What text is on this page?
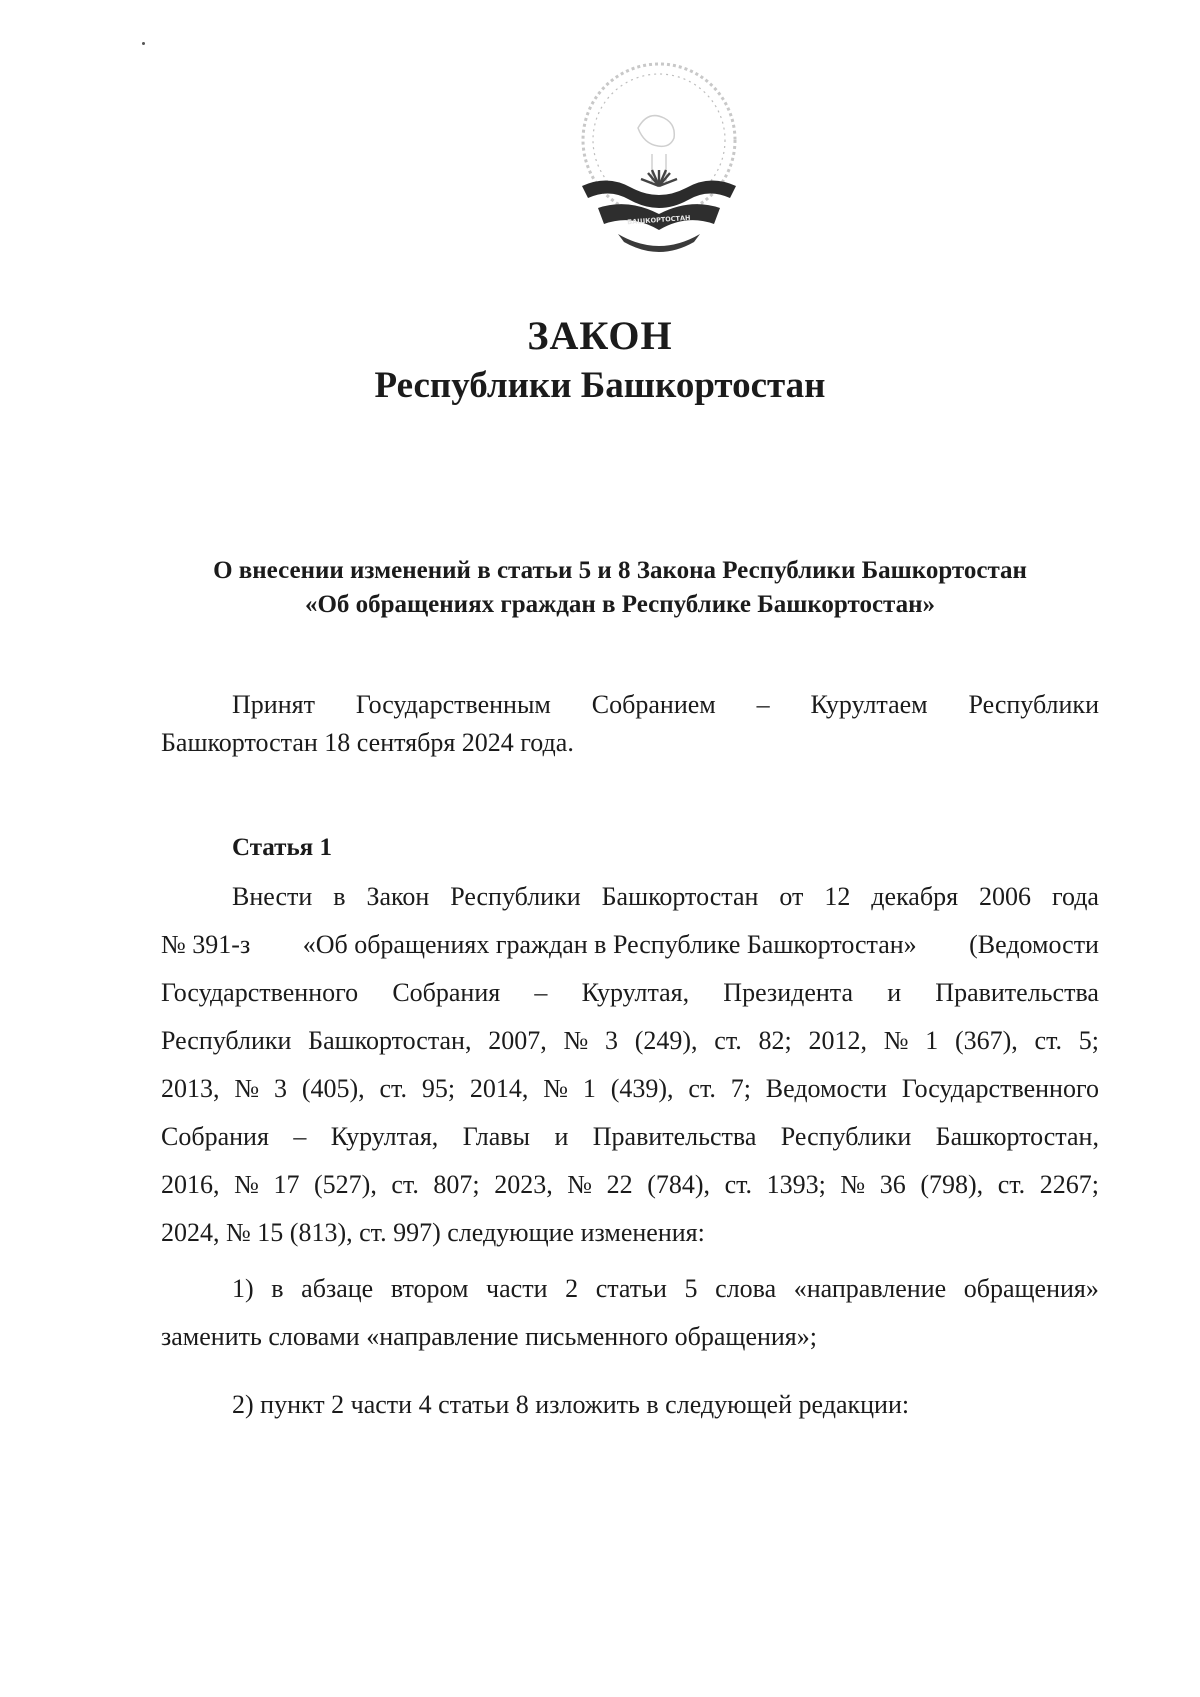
БАШКОРТОСТАН
ЗАКОН
Республики Башкортостан
О внесении изменений в статьи 5 и 8 Закона Республики Башкортостан
«Об обращениях граждан в Республике Башкортостан»
Принят Государственным Собранием – Курултаем Республики
Башкортостан 18 сентября 2024 года.
Статья 1
Внести в Закон Республики Башкортостан от 12 декабря 2006 года
№ 391-з «Об обращениях граждан в Республике Башкортостан» (Ведомости
Государственного Собрания – Курултая, Президента и Правительства
Республики Башкортостан, 2007, № 3 (249), ст. 82; 2012, № 1 (367), ст. 5;
2013, № 3 (405), ст. 95; 2014, № 1 (439), ст. 7; Ведомости Государственного
Собрания – Курултая, Главы и Правительства Республики Башкортостан,
2016, № 17 (527), ст. 807; 2023, № 22 (784), ст. 1393; № 36 (798), ст. 2267;
2024, № 15 (813), ст. 997) следующие изменения:
1) в абзаце втором части 2 статьи 5 слова «направление обращения»
заменить словами «направление письменного обращения»;
2) пункт 2 части 4 статьи 8 изложить в следующей редакции:
